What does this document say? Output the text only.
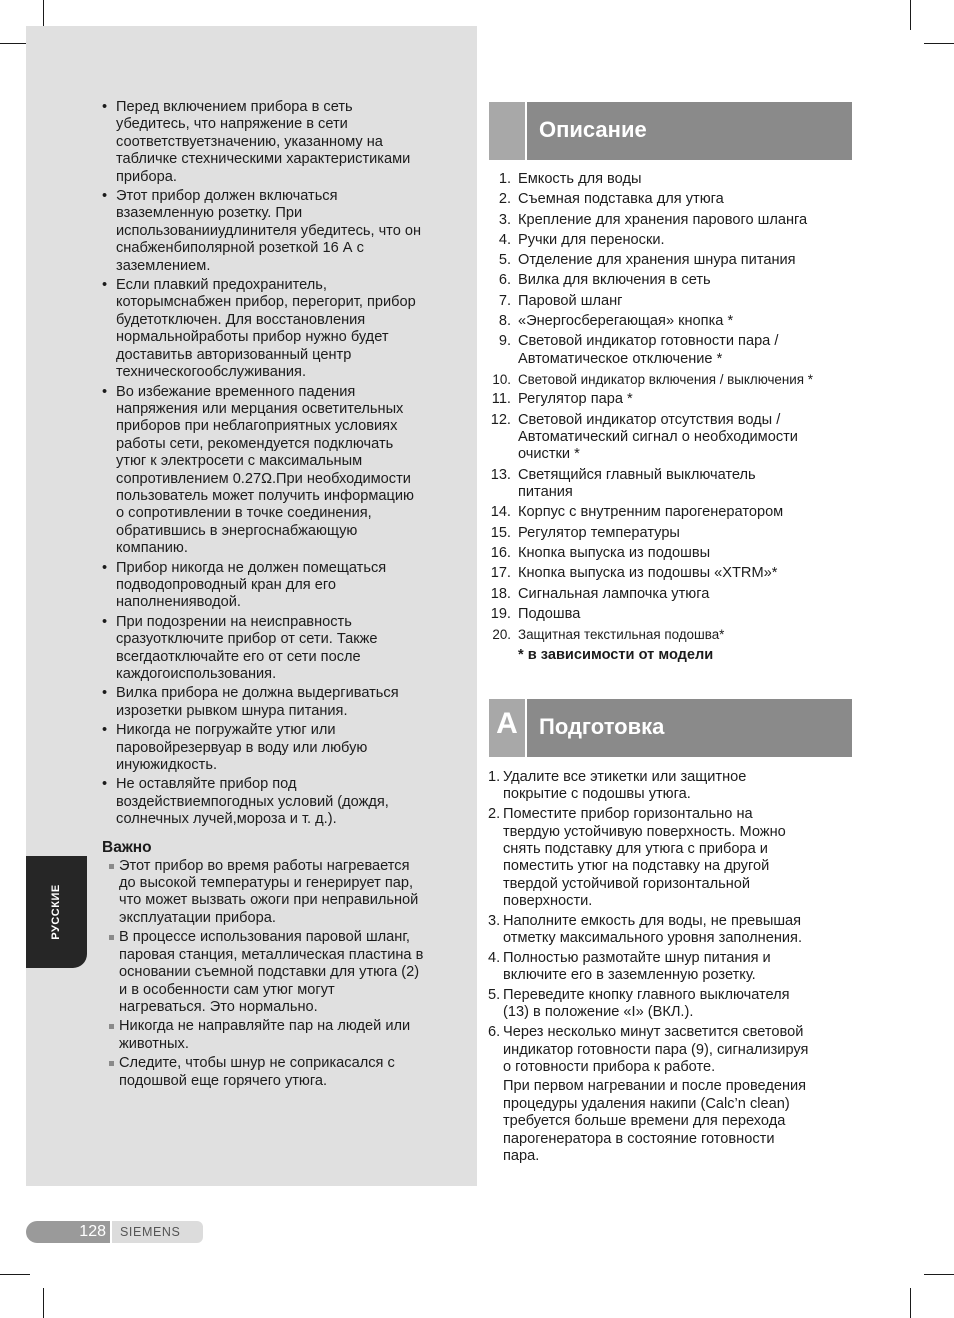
РУССКИЕ
• Перед включением прибора в сеть
убедитесь, что напряжение в сети
соответствуетзначению, указанному на
табличке стехническими характеристиками
прибора.
• Этот прибор должен включаться
взаземленную розетку. При
использованииудлинителя убедитесь, что он
снабженбиполярной розеткой 16 А с
заземлением.
• Если плавкий предохранитель,
которымснабжен прибор, перегорит, прибор
будетотключен. Для восстановления
нормальнойработы прибор нужно будет
доставитьв авторизованный центр
техническогообслуживания.
• Во избежание временного падения
напряжения или мерцания осветительных
приборов при неблагоприятных условиях
работы сети, рекомендуется подключать
утюг к электросети с максимальным
сопротивлением 0.27Ω.При необходимости
пользователь может получить информацию
о сопротивлении в точке соединения,
обратившись в энергоснабжающую
компанию.
• Прибор никогда не должен помещаться
подводопроводный кран для его
наполненияводой.
• При подозрении на неисправность
сразуотключите прибор от сети. Также
всегдаотключайте его от сети после
каждогоиспользования.
• Вилка прибора не должна выдергиваться
изрозетки рывком шнура питания.
• Никогда не погружайте утюг или
паровойрезервуар в воду или любую
инуюжидкость.
• Не оставляйте прибор под
воздействиемпогодных условий (дождя,
солнечных лучей,мороза и т. д.).
Важно
Этот прибор во время работы нагревается
до высокой температуры и генерирует пар,
что может вызвать ожоги при неправильной
эксплуатации прибора.
В процессе использования паровой шланг,
паровая станция, металлическая пластина в
основании съемной подставки для утюга (2)
и в особенности сам утюг могут
нагреваться. Это нормально.
Никогда не направляйте пар на людей или
животных.
Следите, чтобы шнур не соприкасался с
подошвой еще горячего утюга.
Описание
1. Емкость для воды
2. Съемная подставка для утюга
3. Крепление для хранения парового шланга
4. Ручки для переноски.
5. Отделение для хранения шнура питания
6. Вилка для включения в сеть
7. Паровой шланг
8. «Энергосберегающая» кнопка *
9. Световой индикатор готовности пара /
Автоматическое отключение *
10. Световой индикатор включения / выключения *
11. Регулятор пара *
12. Световой индикатор отсутствия воды /
Автоматический сигнал о необходимости
очистки *
13. Светящийся главный выключатель
питания
14. Корпус с внутренним парогенератором
15. Регулятор температуры
16. Кнопка выпуска из подошвы
17. Кнопка выпуска из подошвы «XTRM»*
18. Сигнальная лампочка утюга
19. Подошва
20. Защитная текстильная подошва*
* в зависимости от модели
A Подготовка
1. Удалите все этикетки или защитное
покрытие с подошвы утюга.
2. Поместите прибор горизонтально на
твердую устойчивую поверхность. Можно
снять подставку для утюга с прибора и
поместить утюг на подставку на другой
твердой устойчивой горизонтальной
поверхности.
3. Наполните емкость для воды, не превышая
отметку максимального уровня заполнения.
4. Полностью размотайте шнур питания и
включите его в заземленную розетку.
5. Переведите кнопку главного выключателя
(13) в положение «I» (ВКЛ.).
6. Через несколько минут засветится световой
индикатор готовности пара (9), сигнализируя
о готовности прибора к работе.
При первом нагревании и после проведения
процедуры удаления накипи (Calc’n clean)
требуется больше времени для перехода
парогенератора в состояние готовности
пара.
128 SIEMENS
